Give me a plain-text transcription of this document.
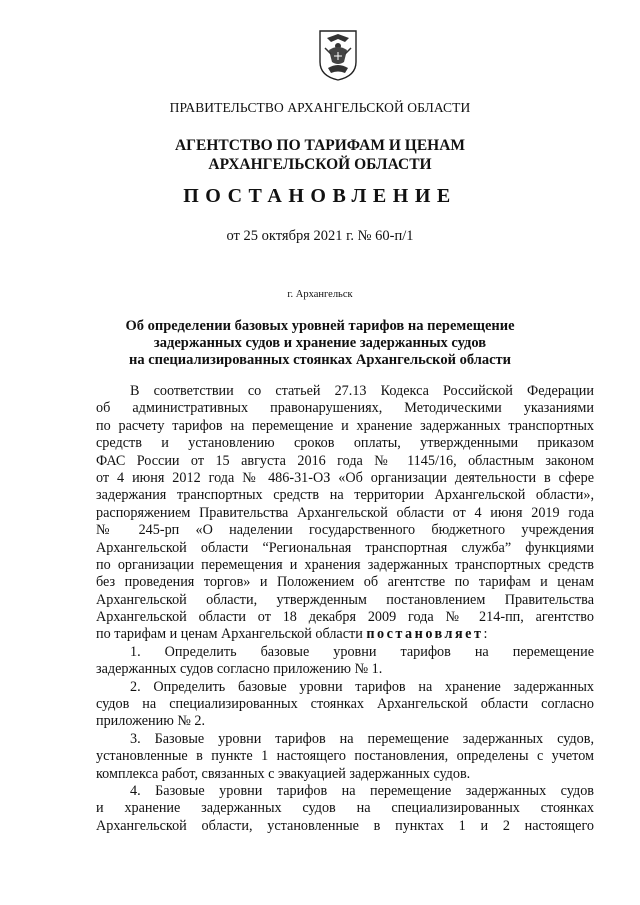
ПРАВИТЕЛЬСТВО АРХАНГЕЛЬСКОЙ ОБЛАСТИ
АГЕНТСТВО ПО ТАРИФАМ И ЦЕНАМ
АРХАНГЕЛЬСКОЙ ОБЛАСТИ
ПОСТАНОВЛЕНИЕ
от 25 октября 2021 г. № 60-п/1
г. Архангельск
Об определении базовых уровней тарифов на перемещение
задержанных судов и хранение задержанных судов
на специализированных стоянках Архангельской области
В соответствии со статьей 27.13 Кодекса Российской Федерации
об административных правонарушениях, Методическими указаниями
по расчету тарифов на перемещение и хранение задержанных транспортных
средств и установлению сроков оплаты, утвержденными приказом
ФАС России от 15 августа 2016 года № 1145/16, областным законом
от 4 июня 2012 года № 486-31-ОЗ «Об организации деятельности в сфере
задержания транспортных средств на территории Архангельской области»,
распоряжением Правительства Архангельской области от 4 июня 2019 года
№ 245-рп «О наделении государственного бюджетного учреждения
Архангельской области “Региональная транспортная служба” функциями
по организации перемещения и хранения задержанных транспортных средств
без проведения торгов» и Положением об агентстве по тарифам и ценам
Архангельской области, утвержденным постановлением Правительства
Архангельской области от 18 декабря 2009 года № 214-пп, агентство
по тарифам и ценам Архангельской области постановляет:
1. Определить базовые уровни тарифов на перемещение
задержанных судов согласно приложению № 1.
2. Определить базовые уровни тарифов на хранение задержанных
судов на специализированных стоянках Архангельской области согласно
приложению № 2.
3. Базовые уровни тарифов на перемещение задержанных судов,
установленные в пункте 1 настоящего постановления, определены с учетом
комплекса работ, связанных с эвакуацией задержанных судов.
4. Базовые уровни тарифов на перемещение задержанных судов
и хранение задержанных судов на специализированных стоянках
Архангельской области, установленные в пунктах 1 и 2 настоящего
